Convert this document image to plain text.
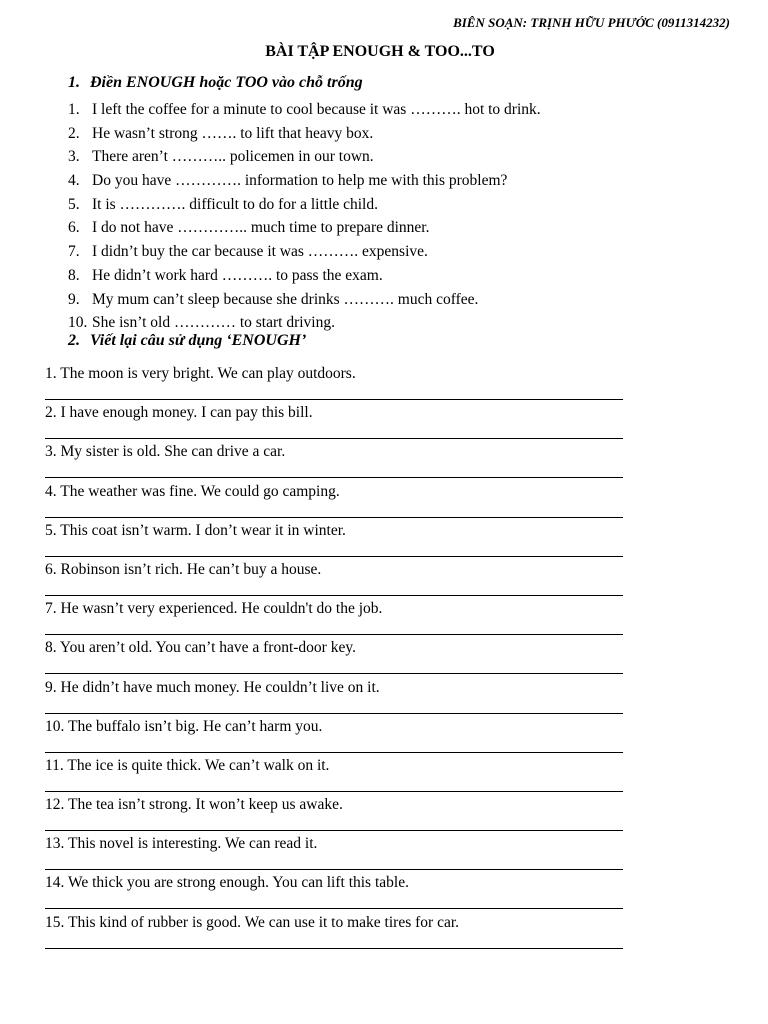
BIÊN SOẠN: TRỊNH HỮU PHƯỚC (0911314232)
BÀI TẬP ENOUGH & TOO...TO
1. Điền ENOUGH hoặc TOO vào chỗ trống
1. I left the coffee for a minute to cool because it was ………. hot to drink.
2. He wasn’t strong ……. to lift that heavy box.
3. There aren’t ……….. policemen in our town.
4. Do you have …………. information to help me with this problem?
5. It is …………. difficult to do for a little child.
6. I do not have ………….. much time to prepare dinner.
7. I didn’t buy the car because it was ………. expensive.
8. He didn’t work hard ………. to pass the exam.
9. My mum can’t sleep because she drinks ………. much coffee.
10. She isn’t old ………… to start driving.
2. Viết lại câu sử dụng ‘ENOUGH’
1. The moon is very bright. We can play outdoors.
2. I have enough money. I can pay this bill.
3. My sister is old. She can drive a car.
4. The weather was fine. We could go camping.
5. This coat isn’t warm. I don’t wear it in winter.
6. Robinson isn’t rich. He can’t buy a house.
7. He wasn’t very experienced. He couldn't do the job.
8. You aren’t old. You can’t have a front-door key.
9. He didn’t have much money. He couldn’t live on it.
10. The buffalo isn’t big. He can’t harm you.
11. The ice is quite thick. We can’t walk on it.
12. The tea isn’t strong. It won’t keep us awake.
13. This novel is interesting. We can read it.
14. We thick you are strong enough. You can lift this table.
15. This kind of rubber is good. We can use it to make tires for car.
